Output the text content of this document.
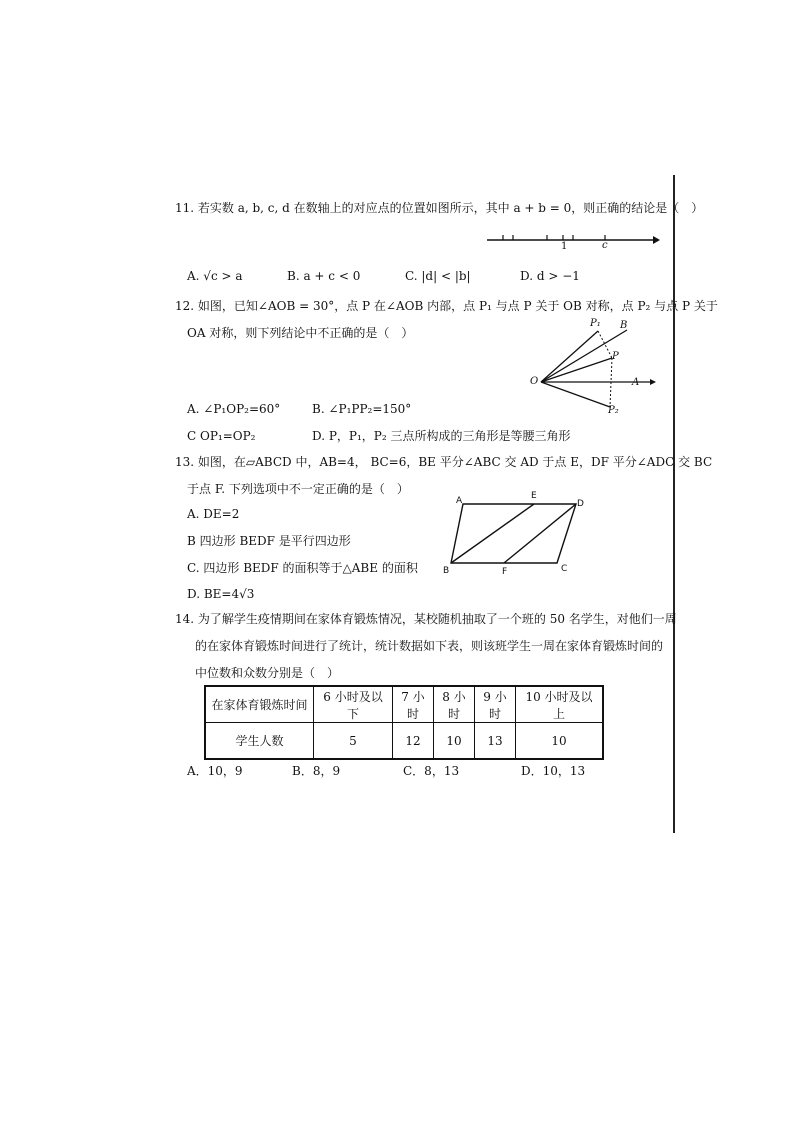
11. 若实数 a, b, c, d 在数轴上的对应点的位置如图所示，其中 a + b = 0，则正确的结论是（　）
1	c
A. √c > a	B. a + c < 0	C. |d| < |b|	D. d > −1
12. 如图，已知∠AOB = 30°，点 P 在∠AOB 内部，点 P₁ 与点 P 关于 OB 对称，点 P₂ 与点 P 关于
OA 对称，则下列结论中不正确的是（　）
P₁ B
P
O	A
P₂
A. ∠P₁OP₂=60°	B. ∠P₁PP₂=150°
C OP₁=OP₂	D. P，P₁，P₂ 三点所构成的三角形是等腰三角形
13. 如图，在▱ABCD 中，AB=4， BC=6，BE 平分∠ABC 交 AD 于点 E，DF 平分∠ADC 交 BC
于点 F. 下列选项中不一定正确的是（　）
A	E
D
B	F	C
A. DE=2
B 四边形 BEDF 是平行四边形
C. 四边形 BEDF 的面积等于△ABE 的面积
D. BE=4√3
14. 为了解学生疫情期间在家体育锻炼情况，某校随机抽取了一个班的 50 名学生，对他们一周
的在家体育锻炼时间进行了统计，统计数据如下表，则该班学生一周在家体育锻炼时间的
中位数和众数分别是（　）
在家体育锻炼时间	6 小时及以下	7 小时	8 小时	9 小时	10 小时及以上
学生人数	5	12	10	13	10
A．10，9	B．8，9	C．8，13	D．10，13
